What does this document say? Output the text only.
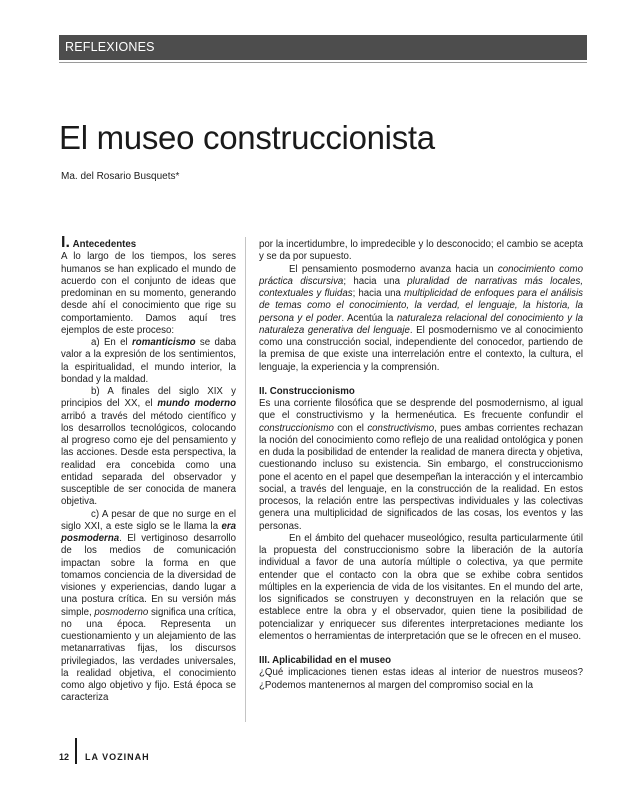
REFLEXIONES
El museo construccionista
Ma. del Rosario Busquets*

I. Antecedentes

A lo largo de los tiempos, los seres humanos se han explicado el mundo de acuerdo con el conjunto de ideas que predominan en su momento, generando desde ahí el conocimiento que rige su comportamiento. Damos aquí tres ejemplos de este proceso:

a) En el romanticismo se daba valor a la expresión de los sentimientos, la espiritualidad, el mundo interior, la bondad y la maldad.

b) A finales del siglo XIX y principios del XX, el mundo moderno arribó a través del método científico y los desarrollos tecnológicos, colocando al progreso como eje del pensamiento y las acciones. Desde esta perspectiva, la realidad era concebida como una entidad separada del observador y susceptible de ser conocida de manera objetiva.

c) A pesar de que no surge en el siglo XXI, a este siglo se le llama la era posmoderna. El vertiginoso desarrollo de los medios de comunicación impactan sobre la forma en que tomamos conciencia de la diversidad de visiones y experiencias, dando lugar a una postura crítica. En su versión más simple, posmoderno significa una crítica, no una época. Representa un cuestionamiento y un alejamiento de las metanarrativas fijas, los discursos privilegiados, las verdades universales, la realidad objetiva, el conocimiento como algo objetivo y fijo. Está época se caracteriza

por la incertidumbre, lo impredecible y lo desconocido; el cambio se acepta y se da por supuesto.

El pensamiento posmoderno avanza hacia un conocimiento como práctica discursiva; hacia una pluralidad de narrativas más locales, contextuales y fluidas; hacia una multiplicidad de enfoques para el análisis de temas como el conocimiento, la verdad, el lenguaje, la historia, la persona y el poder. Acentúa la naturaleza relacional del conocimiento y la naturaleza generativa del lenguaje. El posmodernismo ve al conocimiento como una construcción social, independiente del conocedor, partiendo de la premisa de que existe una interrelación entre el contexto, la cultura, el lenguaje, la experiencia y la comprensión.

II. Construccionismo

Es una corriente filosófica que se desprende del posmodernismo, al igual que el constructivismo y la hermenéutica. Es frecuente confundir el construccionismo con el constructivismo, pues ambas corrientes rechazan la noción del conocimiento como reflejo de una realidad ontológica y ponen en duda la posibilidad de entender la realidad de manera directa y objetiva, cuestionando incluso su existencia. Sin embargo, el construccionismo pone el acento en el papel que desempeñan la interacción y el intercambio social, a través del lenguaje, en la construcción de la realidad. En estos procesos, la relación entre las perspectivas individuales y las colectivas genera una multiplicidad de significados de las cosas, los eventos y las personas.

En el ámbito del quehacer museológico, resulta particularmente útil la propuesta del construccionismo sobre la liberación de la autoría individual a favor de una autoría múltiple o colectiva, ya que permite entender que el contacto con la obra que se exhibe cobra sentidos múltiples en la experiencia de vida de los visitantes. En el mundo del arte, los significados se construyen y deconstruyen en la relación que se establece entre la obra y el observador, quien tiene la posibilidad de potencializar y enriquecer sus diferentes interpretaciones mediante los elementos o herramientas de interpretación que se le ofrecen en el museo.

III. Aplicabilidad en el museo

¿Qué implicaciones tienen estas ideas al interior de nuestros museos? ¿Podemos mantenernos al margen del compromiso social en la

12 LA VOZINAH
